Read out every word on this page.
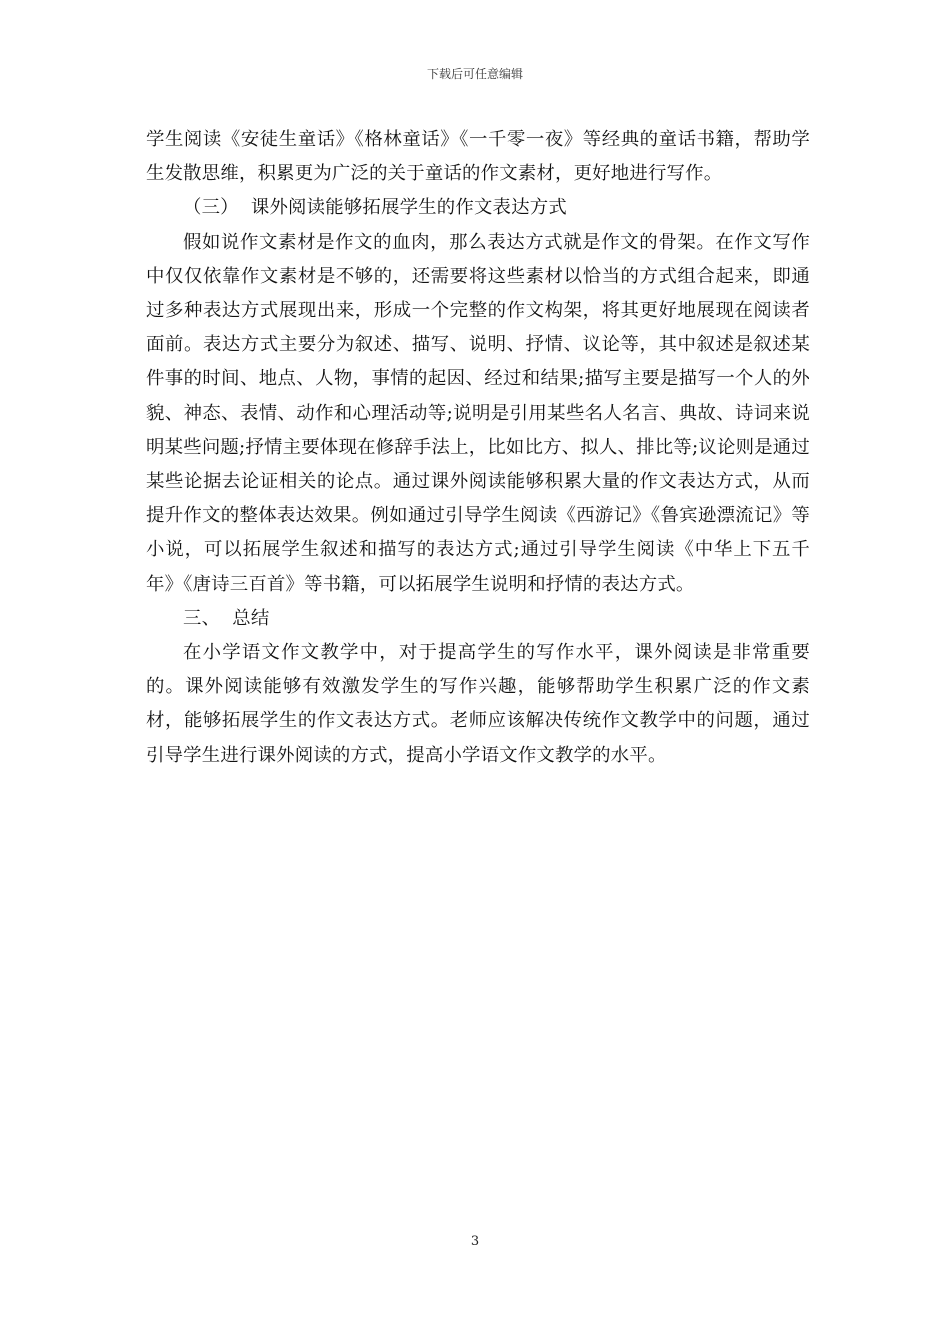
下载后可任意编辑

学生阅读《安徒生童话》《格林童话》《一千零一夜》等经典的童话书籍，帮助学生发散思维，积累更为广泛的关于童话的作文素材，更好地进行写作。

（三）  课外阅读能够拓展学生的作文表达方式

假如说作文素材是作文的血肉，那么表达方式就是作文的骨架。在作文写作中仅仅依靠作文素材是不够的，还需要将这些素材以恰当的方式组合起来，即通过多种表达方式展现出来，形成一个完整的作文构架，将其更好地展现在阅读者面前。表达方式主要分为叙述、描写、说明、抒情、议论等，其中叙述是叙述某件事的时间、地点、人物，事情的起因、经过和结果;描写主要是描写一个人的外貌、神态、表情、动作和心理活动等;说明是引用某些名人名言、典故、诗词来说明某些问题;抒情主要体现在修辞手法上，比如比方、拟人、排比等;议论则是通过某些论据去论证相关的论点。通过课外阅读能够积累大量的作文表达方式，从而提升作文的整体表达效果。例如通过引导学生阅读《西游记》《鲁宾逊漂流记》等小说，可以拓展学生叙述和描写的表达方式;通过引导学生阅读《中华上下五千年》《唐诗三百首》等书籍，可以拓展学生说明和抒情的表达方式。

三、  总结

在小学语文作文教学中，对于提高学生的写作水平，课外阅读是非常重要的。课外阅读能够有效激发学生的写作兴趣，能够帮助学生积累广泛的作文素材，能够拓展学生的作文表达方式。老师应该解决传统作文教学中的问题，通过引导学生进行课外阅读的方式，提高小学语文作文教学的水平。

3
